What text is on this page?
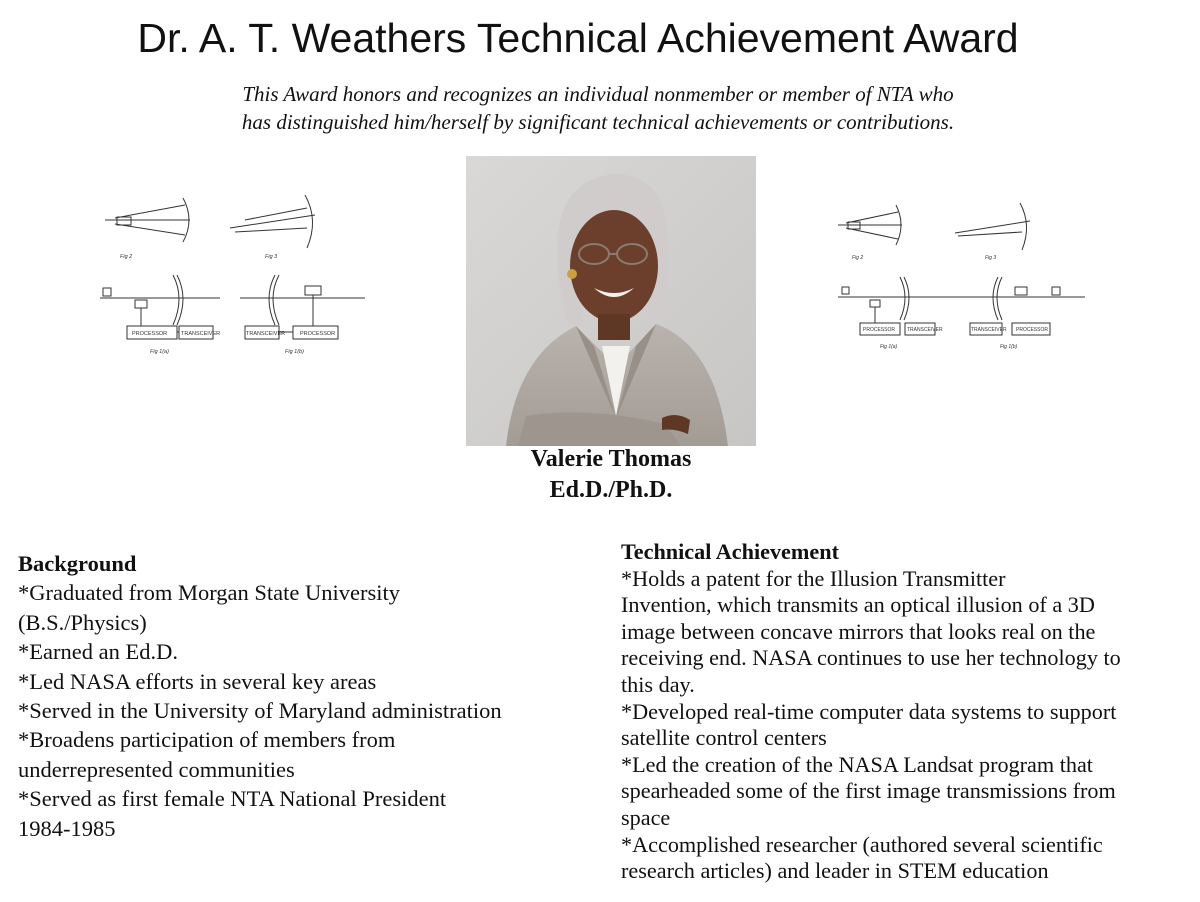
Dr. A. T. Weathers Technical Achievement Award
This Award honors and recognizes an individual nonmember or member of NTA who
has distinguished him/herself by significant technical achievements or contributions.
Fig 2	Fig 3
Fig 1(a)	Fig 1(b)
PROCESSOR	TRANSCEIVER	TRANSCEIVER	PROCESSOR
Fig 2	Fig 3
Fig 1(a)	Fig 1(b)
PROCESSOR TRANSCEIVER	TRANSCEIVER PROCESSOR
Valerie Thomas
Ed.D./Ph.D.
Background
*Graduated from Morgan State University
(B.S./Physics)
*Earned an Ed.D.
*Led NASA efforts in several key areas
*Served in the University of Maryland administration
*Broadens participation of members from
underrepresented communities
*Served as first female NTA National President
1984-1985
Technical Achievement
*Holds a patent for the Illusion Transmitter
Invention, which transmits an optical illusion of a 3D
image between concave mirrors that looks real on the
receiving end. NASA continues to use her technology to
this day.
*Developed real-time computer data systems to support
satellite control centers
*Led the creation of the NASA Landsat program that
spearheaded some of the first image transmissions from
space
*Accomplished researcher (authored several scientific
research articles) and leader in STEM education
